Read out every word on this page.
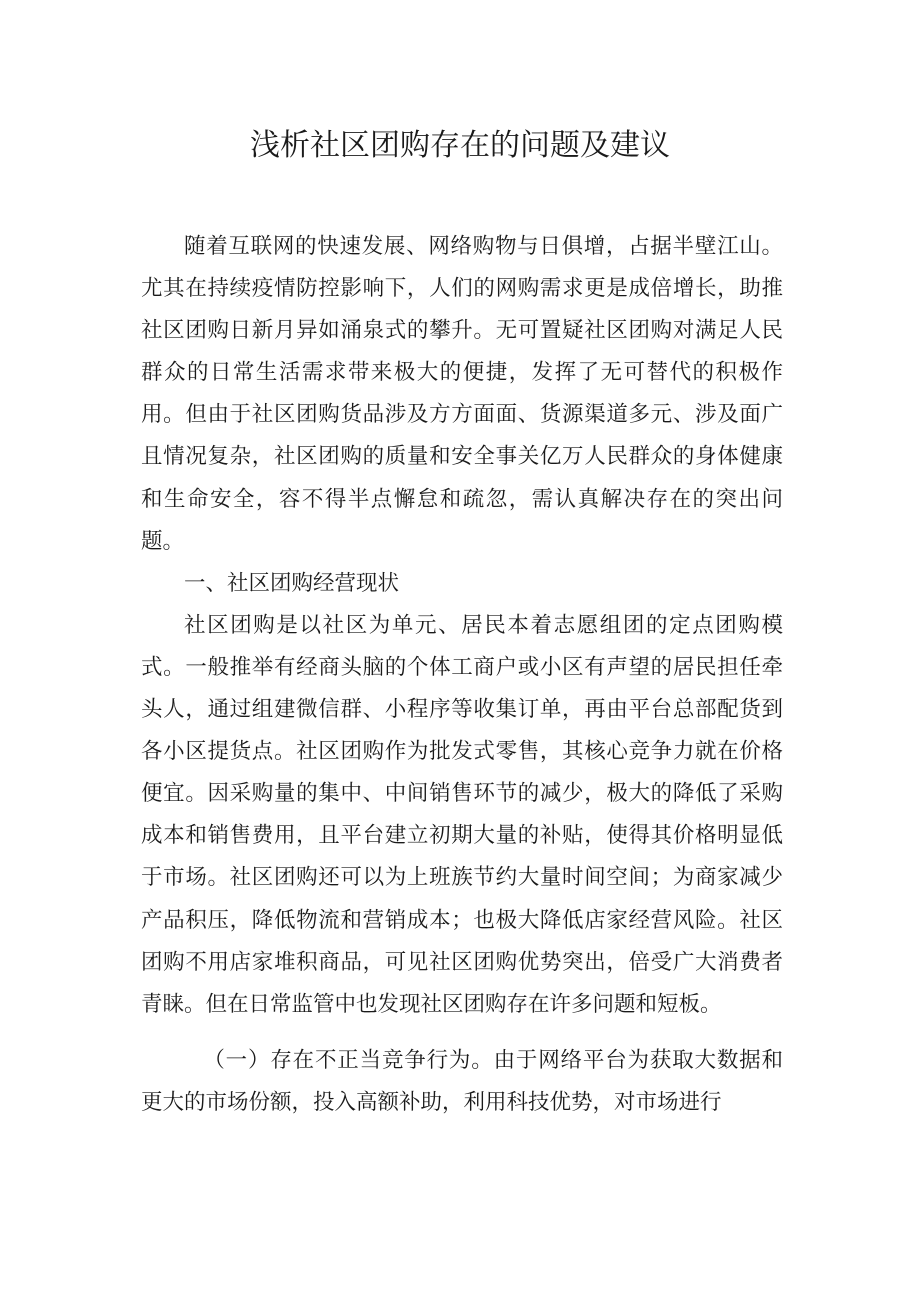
浅析社区团购存在的问题及建议

随着互联网的快速发展、网络购物与日俱增，占据半壁江山。尤其在持续疫情防控影响下，人们的网购需求更是成倍增长，助推社区团购日新月异如涌泉式的攀升。无可置疑社区团购对满足人民群众的日常生活需求带来极大的便捷，发挥了无可替代的积极作用。但由于社区团购货品涉及方方面面、货源渠道多元、涉及面广且情况复杂，社区团购的质量和安全事关亿万人民群众的身体健康和生命安全，容不得半点懈怠和疏忽，需认真解决存在的突出问题。

一、社区团购经营现状

社区团购是以社区为单元、居民本着志愿组团的定点团购模式。一般推举有经商头脑的个体工商户或小区有声望的居民担任牵头人，通过组建微信群、小程序等收集订单，再由平台总部配货到各小区提货点。社区团购作为批发式零售，其核心竞争力就在价格便宜。因采购量的集中、中间销售环节的减少，极大的降低了采购成本和销售费用，且平台建立初期大量的补贴，使得其价格明显低于市场。社区团购还可以为上班族节约大量时间空间；为商家减少产品积压，降低物流和营销成本；也极大降低店家经营风险。社区团购不用店家堆积商品，可见社区团购优势突出，倍受广大消费者青睐。但在日常监管中也发现社区团购存在许多问题和短板。

（一）存在不正当竞争行为。由于网络平台为获取大数据和更大的市场份额，投入高额补助，利用科技优势，对市场进行
